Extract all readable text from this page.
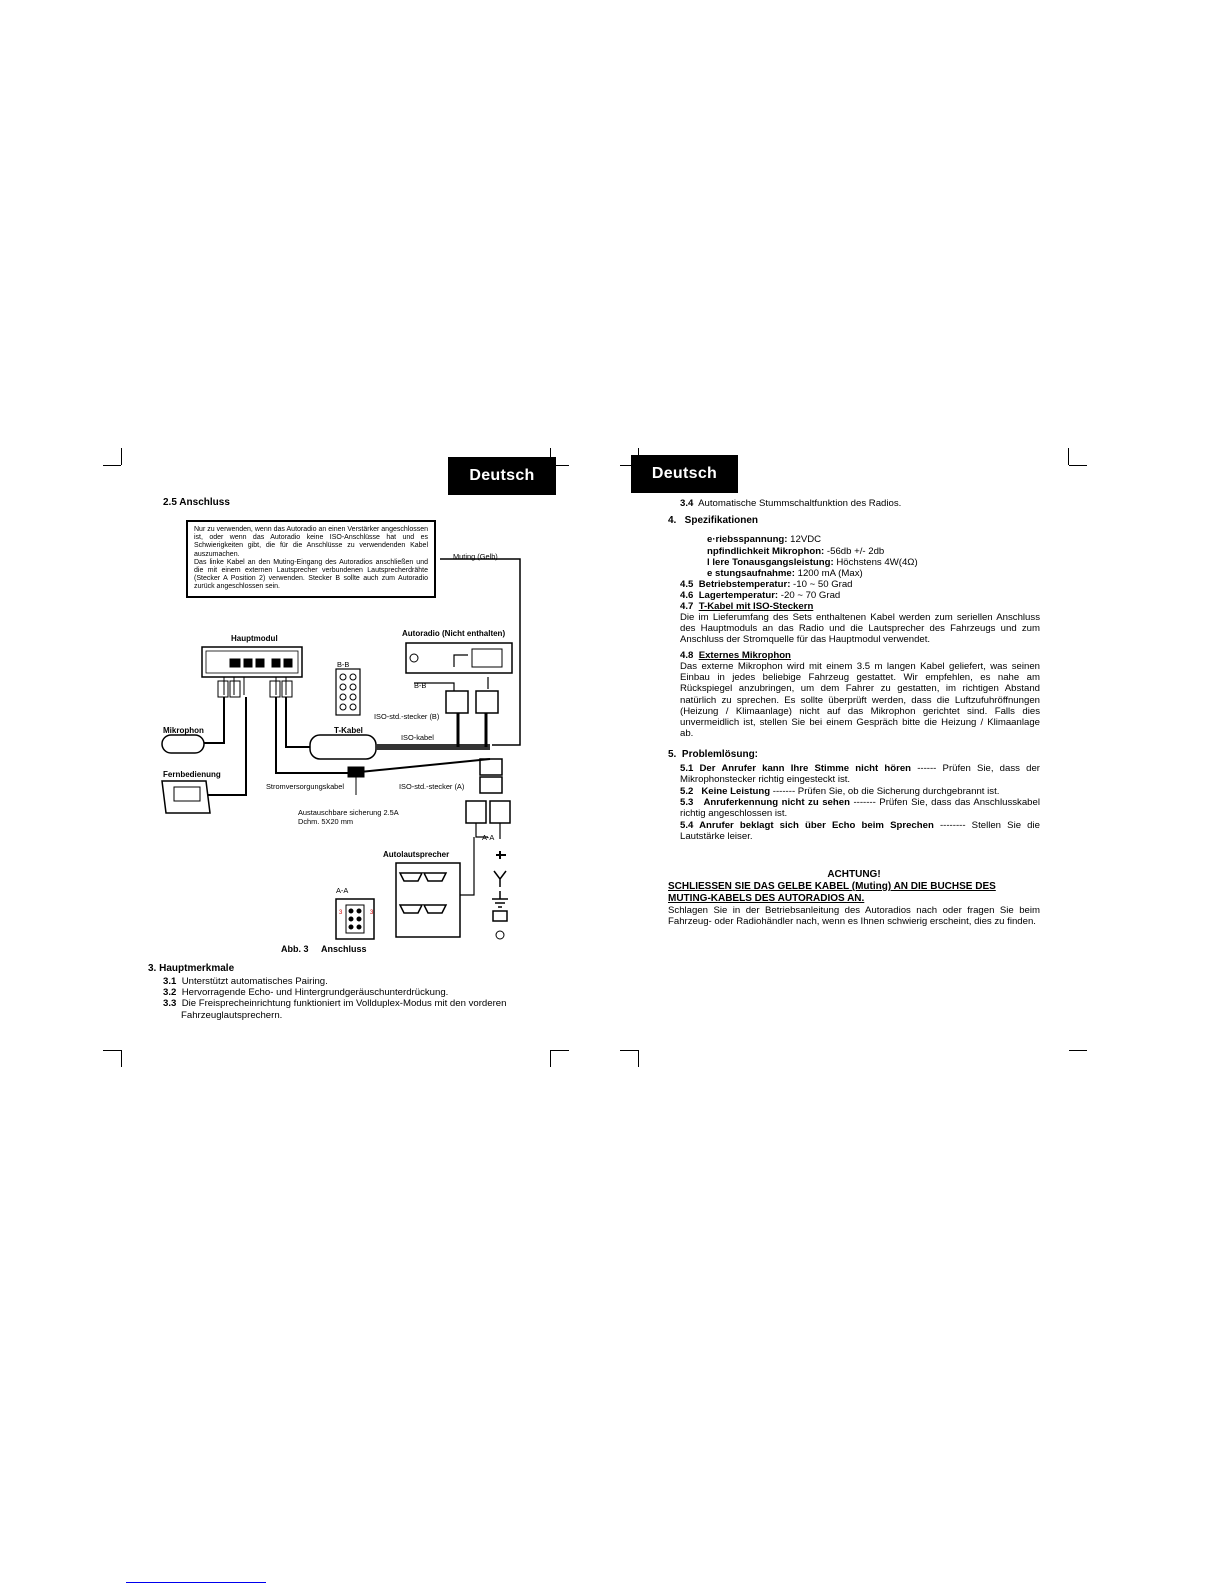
Deutsch
2.5 Anschluss

Nur zu verwenden, wenn das Autoradio an einen Verstärker angeschlossen ist, oder wenn das Autoradio keine ISO-Anschlüsse hat und es Schwierigkeiten gibt, die für die Anschlüsse zu verwendenden Kabel auszumachen.

Das linke Kabel an den Muting-Eingang des Autoradios anschließen und die mit einem externen Lautsprecher verbundenen Lautsprecherdrähte (Stecker A Position 2) verwenden. Stecker B sollte auch zum Autoradio zurück angeschlossen sein.

Muting (Gelb)
Hauptmodul
Autoradio (Nicht enthalten)
B-B
B-B
ISO-std.-stecker (B)
Mikrophon	T-Kabel
ISO-kabel
Fernbedienung
Stromversorgungskabel	ISO-std.-stecker (A)
Austauschbare sicherung 2.5A
Dchm. 5X20 mm
A-A
Autolautsprecher
A-A
3	3
Abb. 3 Anschluss
3. Hauptmerkmale
3.1 Unterstützt automatisches Pairing.
3.2 Hervorragende Echo- und Hintergrundgeräuschunterdrückung.
3.3 Die Freisprecheinrichtung funktioniert im Vollduplex-Modus mit den vorderen
Fahrzeuglautsprechern.
Deutsch
3.4 Automatische Stummschaltfunktion des Radios.
4.   Spezifikationen
e·riebsspannung: 12VDC
npfindlichkeit Mikrophon: -56db +/- 2db
l lere Tonausgangsleistung: Höchstens 4W(4Ω)
e stungsaufnahme: 1200 mA (Max)
4.5 Betriebstemperatur: -10 ~ 50 Grad
4.6 Lagertemperatur: -20 ~ 70 Grad
4.7 T-Kabel mit ISO-Steckern
Die im Lieferumfang des Sets enthaltenen Kabel werden zum seriellen Anschluss des Hauptmoduls an das Radio und die Lautsprecher des Fahrzeugs und zum Anschluss der Stromquelle für das Hauptmodul verwendet.
4.8 Externes Mikrophon
Das externe Mikrophon wird mit einem 3.5 m langen Kabel geliefert, was seinen Einbau in jedes beliebige Fahrzeug gestattet. Wir empfehlen, es nahe am Rückspiegel anzubringen, um dem Fahrer zu gestatten, im richtigen Abstand natürlich zu sprechen. Es sollte überprüft werden, dass die Luftzufuhröffnungen (Heizung / Klimaanlage) nicht auf das Mikrophon gerichtet sind. Falls dies unvermeidlich ist, stellen Sie bei einem Gespräch bitte die Heizung / Klimaanlage ab.
5.  Problemlösung:
5.1 Der Anrufer kann Ihre Stimme nicht hören ------ Prüfen Sie, dass der Mikrophonstecker richtig eingesteckt ist.
5.2   Keine Leistung ------- Prüfen Sie, ob die Sicherung durchgebrannt ist.
5.3   Anruferkennung nicht zu sehen ------- Prüfen Sie, dass das Anschlusskabel richtig angeschlossen ist.
5.4 Anrufer beklagt sich über Echo beim Sprechen -------- Stellen Sie die Lautstärke leiser.
ACHTUNG!
SCHLIESSEN SIE DAS GELBE KABEL (Muting) AN DIE BUCHSE DES MUTING-KABELS DES AUTORADIOS AN.
Schlagen Sie in der Betriebsanleitung des Autoradios nach oder fragen Sie beim Fahrzeug- oder Radiohändler nach, wenn es Ihnen schwierig erscheint, dies zu finden.
